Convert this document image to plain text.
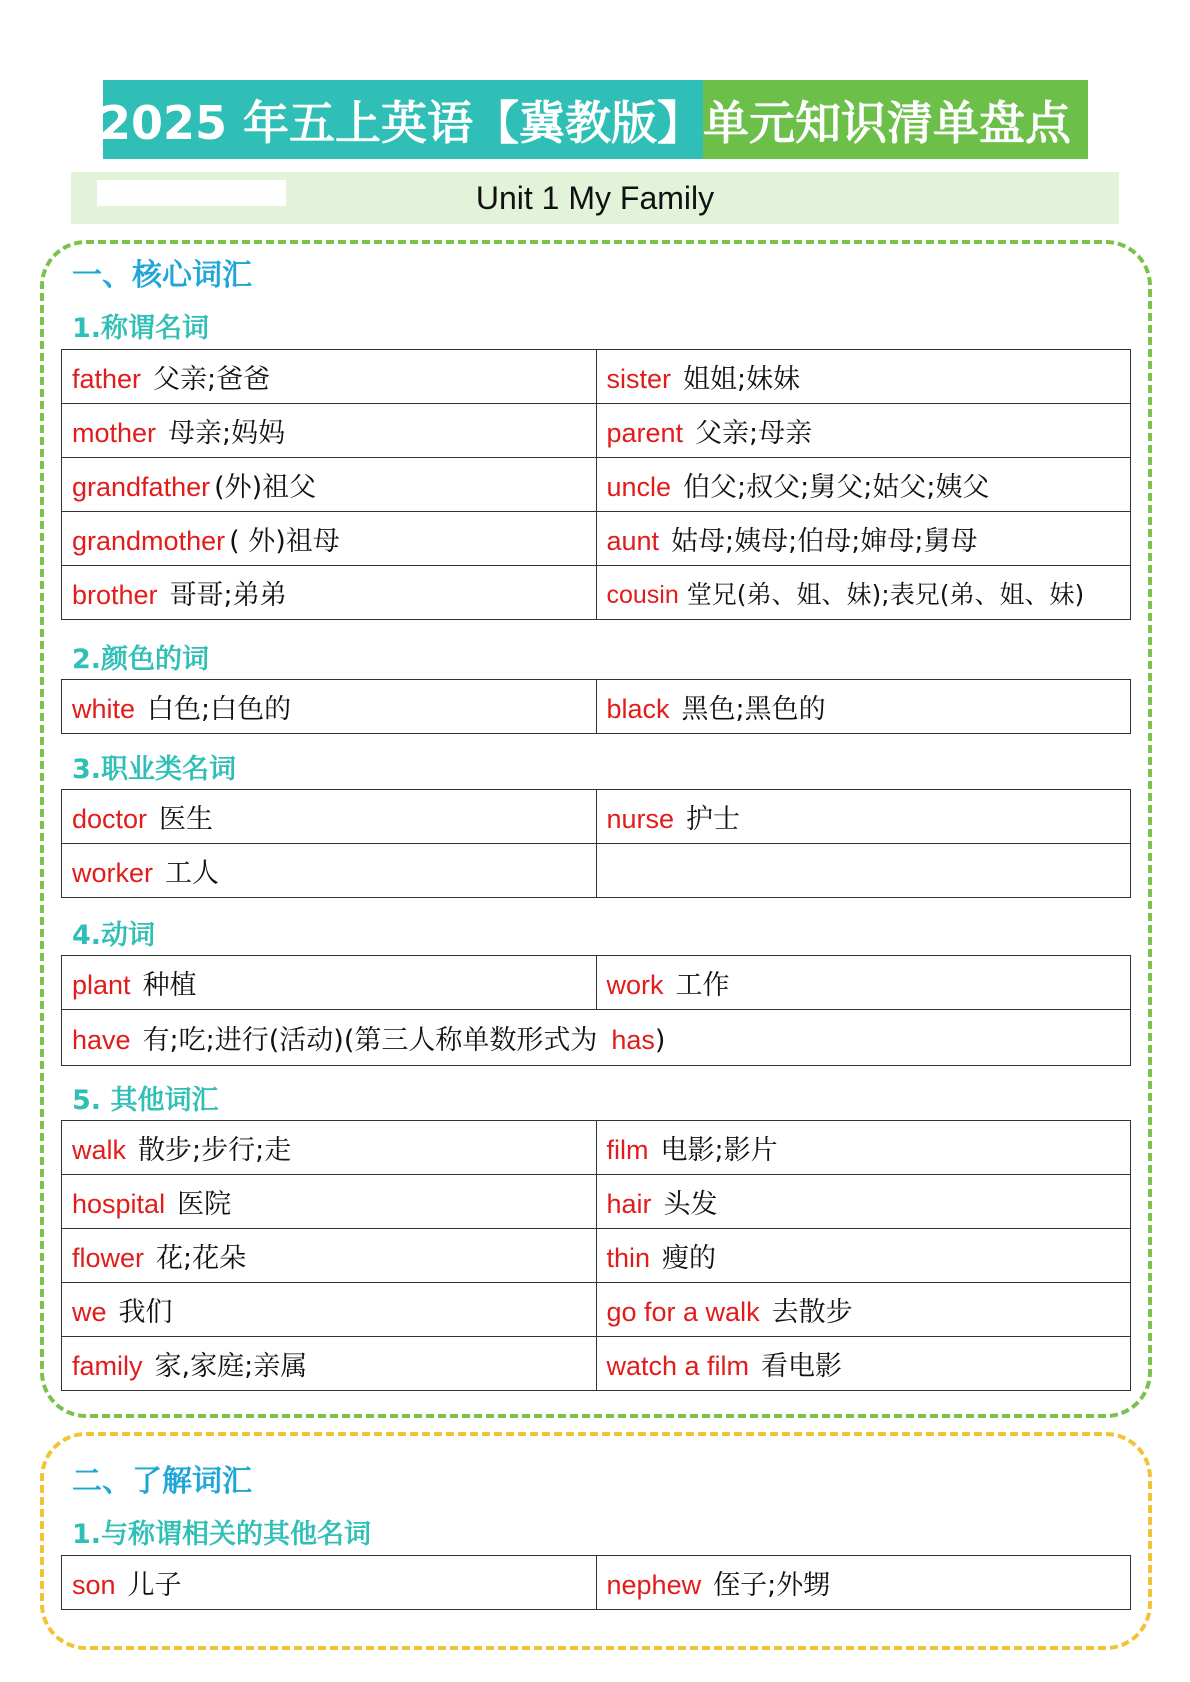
2025 年五上英语【冀教版】 单元知识清单盘点
Unit 1 My Family
一、核心词汇
1.称谓名词
father 父亲;爸爸	sister 姐姐;妹妹
mother 母亲;妈妈	parent 父亲;母亲
grandfather (外)祖父	uncle 伯父;叔父;舅父;姑父;姨父
grandmother ( 外)祖母	aunt 姑母;姨母;伯母;婶母;舅母
brother 哥哥;弟弟	cousin 堂兄(弟、姐、妹);表兄(弟、姐、妹)
2.颜色的词
white 白色;白色的	black 黑色;黑色的
3.职业类名词
doctor 医生	nurse 护士
worker 工人	
4.动词
plant 种植	work 工作
have 有;吃;进行(活动)(第三人称单数形式为 has)
5. 其他词汇
walk 散步;步行;走	film 电影;影片
hospital 医院	hair 头发
flower 花;花朵	thin 瘦的
we 我们	go for a walk 去散步
family 家,家庭;亲属	watch a film 看电影
二、了解词汇
1.与称谓相关的其他名词
son 儿子	nephew 侄子;外甥
